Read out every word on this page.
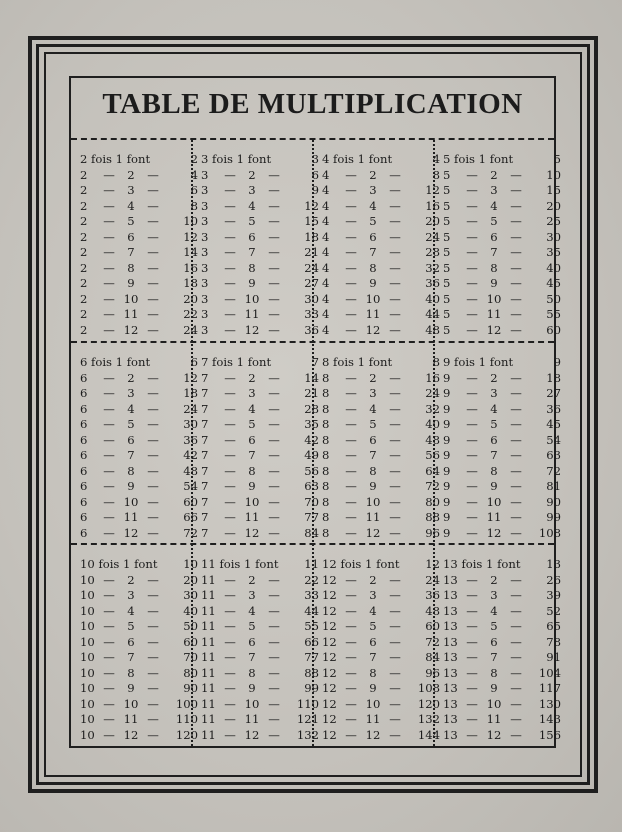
TABLE DE MULTIPLICATION
2 fois 1 font	2
2	—	2	—	4
2	—	3	—	6
2	—	4	—	8
2	—	5	—	10
2	—	6	—	12
2	—	7	—	14
2	—	8	—	16
2	—	9	—	18
2	— 10 —	20
2	— 11 —	22
2	— 12 —	24
3 fois 1 font	3
3	—	2	—	6
3	—	3	—	9
3	—	4	—	12
3	—	5	—	15
3	—	6	—	18
3	—	7	—	21
3	—	8	—	24
3	—	9	—	27
3	— 10 —	30
3	— 11 —	33
3	— 12 —	36
4 fois 1 font	4
4	—	2	—	8
4	—	3	—	12
4	—	4	—	16
4	—	5	—	20
4	—	6	—	24
4	—	7	—	28
4	—	8	—	32
4	—	9	—	36
4	— 10 —	40
4	— 11 —	44
4	— 12 —	48
5 fois 1 font	5
5	—	2	—	10
5	—	3	—	15
5	—	4	—	20
5	—	5	—	25
5	—	6	—	30
5	—	7	—	35
5	—	8	—	40
5	—	9	—	45
5	— 10 —	50
5	— 11 —	55
5	— 12 —	60
6 fois 1 font	6
6	—	2	—	12
6	—	3	—	18
6	—	4	—	24
6	—	5	—	30
6	—	6	—	36
6	—	7	—	42
6	—	8	—	48
6	—	9	—	54
6	— 10 —	60
6	— 11 —	66
6	— 12 —	72
7 fois 1 font	7
7	—	2	—	14
7	—	3	—	21
7	—	4	—	28
7	—	5	—	35
7	—	6	—	42
7	—	7	—	49
7	—	8	—	56
7	—	9	—	63
7	— 10 —	70
7	— 11 —	77
7	— 12 —	84
8 fois 1 font	8
8	—	2	—	16
8	—	3	—	24
8	—	4	—	32
8	—	5	—	40
8	—	6	—	48
8	—	7	—	56
8	—	8	—	64
8	—	9	—	72
8	— 10 —	80
8	— 11 —	88
8	— 12 —	96
9 fois 1 font	9
9	—	2	—	18
9	—	3	—	27
9	—	4	—	36
9	—	5	—	45
9	—	6	—	54
9	—	7	—	63
9	—	8	—	72
9	—	9	—	81
9	— 10 —	90
9	— 11 —	99
9	— 12 —	108
10 fois 1 font	10
10 —	2	—	20
10 —	3	—	30
10 —	4	—	40
10 —	5	—	50
10 —	6	—	60
10 —	7	—	70
10 —	8	—	80
10 —	9	—	90
10 — 10 —	100
10 — 11 —	110
10 — 12 —	120
11 fois 1 font	11
11 —	2	—	22
11 —	3	—	33
11 —	4	—	44
11 —	5	—	55
11 —	6	—	66
11 —	7	—	77
11 —	8	—	88
11 —	9	—	99
11 — 10 —	110
11 — 11 —	121
11 — 12 —	132
12 fois 1 font	12
12 —	2	—	24
12 —	3	—	36
12 —	4	—	48
12 —	5	—	60
12 —	6	—	72
12 —	7	—	84
12 —	8	—	96
12 —	9	—	108
12 — 10 —	120
12 — 11 —	132
12 — 12 —	144
13 fois 1 font	13
13 —	2	—	26
13 —	3	—	39
13 —	4	—	52
13 —	5	—	65
13 —	6	—	78
13 —	7	—	91
13 —	8	—	104
13 —	9	—	117
13 — 10 —	130
13 — 11 —	143
13 — 12 —	156
